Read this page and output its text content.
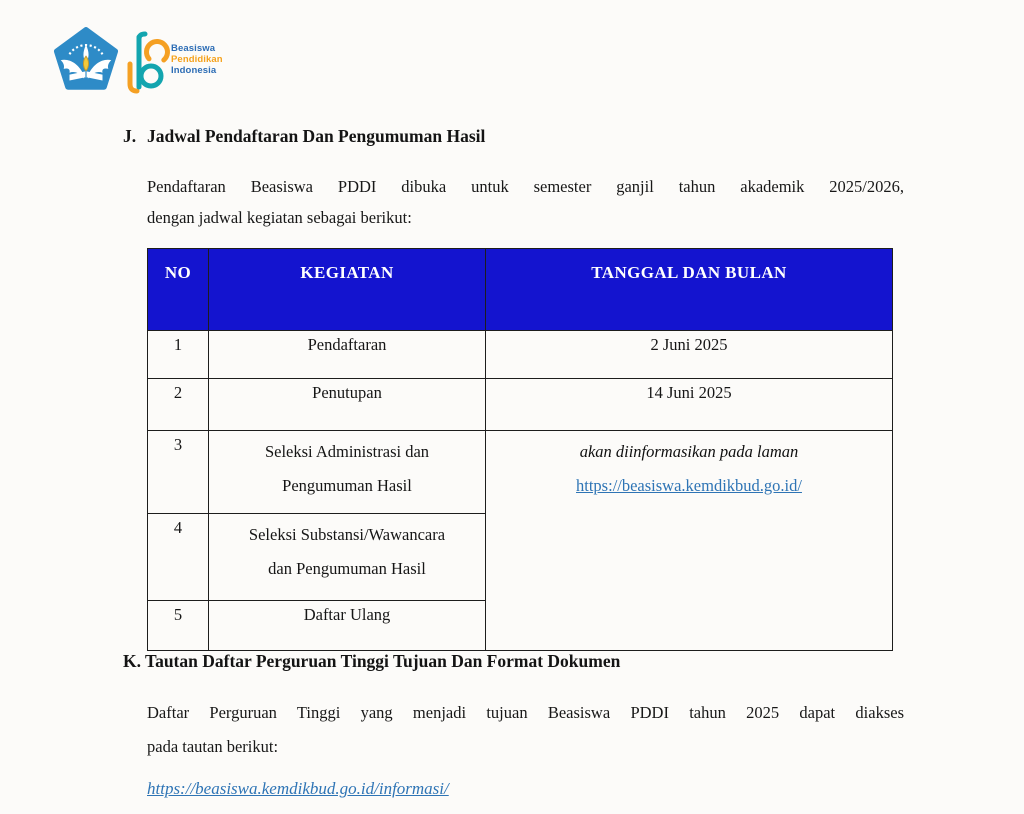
Beasiswa
Pendidikan
Indonesia
J. Jadwal Pendaftaran Dan Pengumuman Hasil
Pendaftaran Beasiswa PDDI dibuka untuk semester ganjil tahun akademik 2025/2026,
dengan jadwal kegiatan sebagai berikut:
NO	KEGIATAN	TANGGAL DAN BULAN
1	Pendaftaran	2 Juni 2025
2	Penutupan	14 Juni 2025
3	Seleksi Administrasi dan
Pengumuman Hasil

akan diinformasikan pada laman
https://beasiswa.kemdikbud.go.id/

4	Seleksi Substansi/Wawancara
dan Pengumuman Hasil	

5	Daftar Ulang	
K. Tautan Daftar Perguruan Tinggi Tujuan Dan Format Dokumen
Daftar Perguruan Tinggi yang menjadi tujuan Beasiswa PDDI tahun 2025 dapat diakses
pada tautan berikut:
https://beasiswa.kemdikbud.go.id/informasi/
